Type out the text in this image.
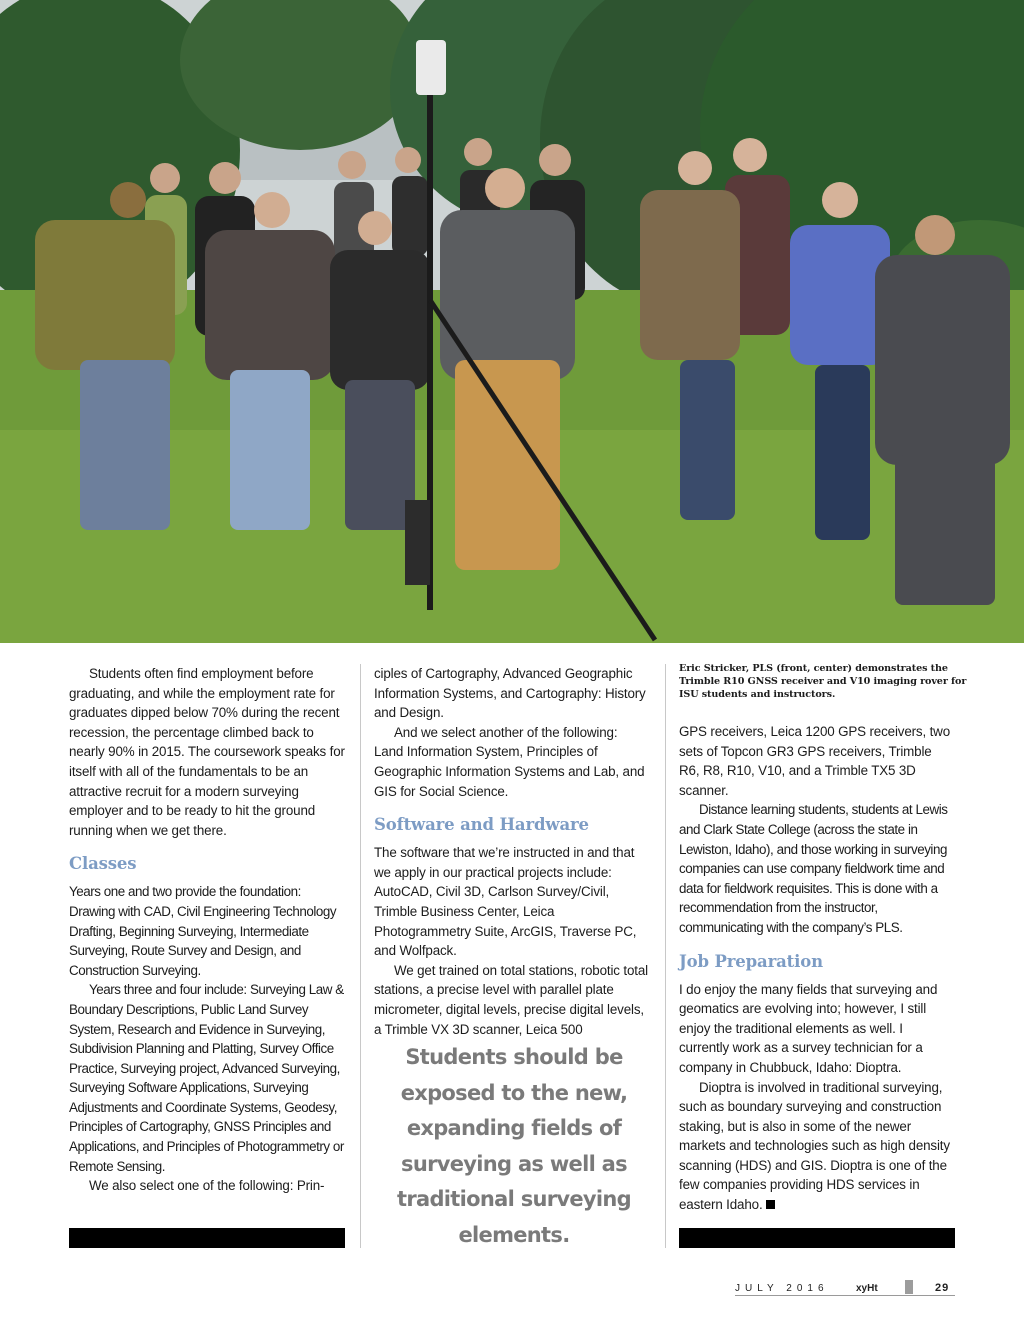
Students often find employment before graduating, and while the employment rate for graduates dipped below 70% during the recent recession, the percentage climbed back to nearly 90% in 2015. The coursework speaks for itself with all of the fundamentals to be an attractive recruit for a modern surveying employer and to be ready to hit the ground running when we get there.

Classes

Years one and two provide the foundation: Drawing with CAD, Civil Engineering Technology Drafting, Beginning Surveying, Intermediate Surveying, Route Survey and Design, and Construction Surveying.

Years three and four include: Surveying Law & Boundary Descriptions, Public Land Survey System, Research and Evidence in Surveying, Subdivision Planning and Platting, Survey Office Practice, Surveying project, Advanced Surveying, Surveying Software Applications, Surveying Adjustments and Coordinate Systems, Geodesy, Principles of Cartography, GNSS Principles and Applications, and Principles of Photogrammetry or Remote Sensing.

We also select one of the following: Prin-

ciples of Cartography, Advanced Geographic Information Systems, and Cartography: History and Design.

And we select another of the following: Land Information System, Principles of Geographic Information Systems and Lab, and GIS for Social Science.

Software and Hardware

The software that we’re instructed in and that we apply in our practical projects include: AutoCAD, Civil 3D, Carlson Survey/Civil, Trimble Business Center, Leica Photogrammetry Suite, ArcGIS, Traverse PC, and Wolfpack.

We get trained on total stations, robotic total stations, a precise level with parallel plate micrometer, digital levels, precise digital levels, a Trimble VX 3D scanner, Leica 500

Students should be exposed to the new, expanding fields of surveying as well as traditional surveying elements.
Eric Stricker, PLS (front, center) demonstrates the Trimble R10 GNSS receiver and V10 imaging rover for ISU students and instructors.

GPS receivers, Leica 1200 GPS receivers, two sets of Topcon GR3 GPS receivers, Trimble R6, R8, R10, V10, and a Trimble TX5 3D scanner.

Distance learning students, students at Lewis and Clark State College (across the state in Lewiston, Idaho), and those working in surveying companies can use company fieldwork time and data for fieldwork requisites. This is done with a recommendation from the instructor, communicating with the company’s PLS.

Job Preparation

I do enjoy the many fields that surveying and geomatics are evolving into; however, I still enjoy the traditional elements as well. I currently work as a survey technician for a company in Chubbuck, Idaho: Dioptra.

Dioptra is involved in traditional surveying, such as boundary surveying and construction staking, but is also in some of the newer markets and technologies such as high density scanning (HDS) and GIS. Dioptra is one of the few companies providing HDS services in eastern Idaho.

JULY 2016	xyHt	29
